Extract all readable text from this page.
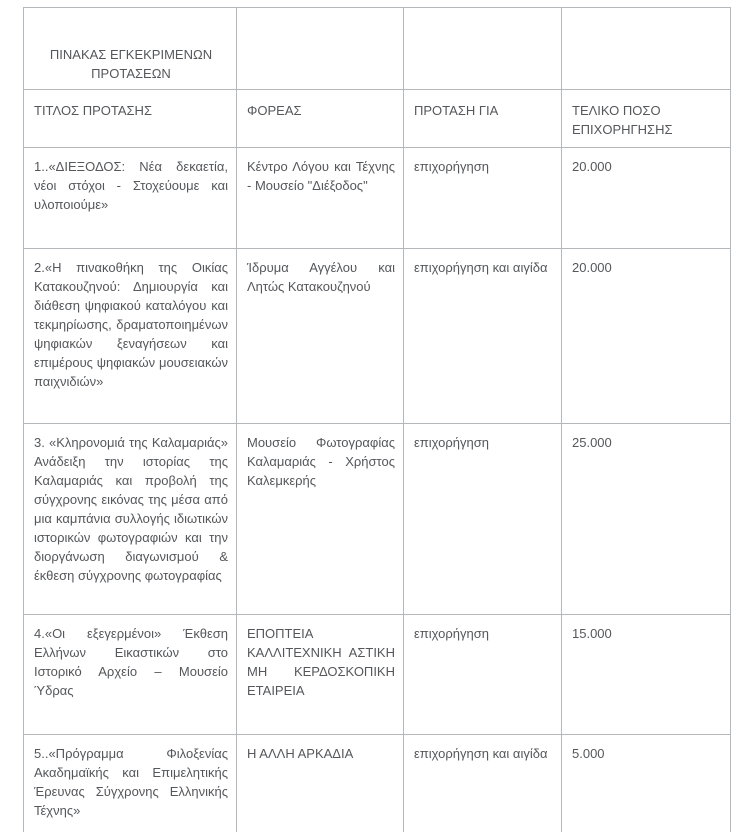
ΠΙΝΑΚΑΣ ΕΓΚΕΚΡΙΜΕΝΩΝ ΠΡΟΤΑΣΕΩΝ			
ΤΙΤΛΟΣ ΠΡΟΤΑΣΗΣ	ΦΟΡΕΑΣ	ΠΡΟΤΑΣΗ ΓΙΑ	ΤΕΛΙΚΟ ΠΟΣΟ ΕΠΙΧΟΡΗΓΗΣΗΣ
1..«ΔΙΕΞΟΔΟΣ: Νέα δεκαετία, νέοι στόχοι - Στοχεύουμε και υλοποιούμε»	Κέντρο Λόγου και Τέχνης - Μουσείο "Διέξοδος"	επιχορήγηση	20.000
2.«Η πινακοθήκη της Οικίας Κατακουζηνού: Δημιουργία και διάθεση ψηφιακού καταλόγου και τεκμηρίωσης, δραματοποιημένων ψηφιακών ξεναγήσεων και επιμέρους ψηφιακών μουσειακών παιχνιδιών»	Ίδρυμα Αγγέλου και Λητώς Κατακουζηνού	επιχορήγηση και αιγίδα	20.000
3. «Κληρονομιά της Καλαμαριάς» Ανάδειξη την ιστορίας της Καλαμαριάς και προβολή της σύγχρονης εικόνας της μέσα από μια καμπάνια συλλογής ιδιωτικών ιστορικών φωτογραφιών και την διοργάνωση διαγωνισμού & έκθεση σύγχρονης φωτογραφίας	Μουσείο Φωτογραφίας Καλαμαριάς - Χρήστος Καλεμκερής	επιχορήγηση	25.000
4.«Οι εξεγερμένοι» Έκθεση Ελλήνων Εικαστικών στο Ιστορικό Αρχείο – Μουσείο Ύδρας	ΕΠΟΠΤΕΙΑ ΚΑΛΛΙΤΕΧΝΙΚΗ ΑΣΤΙΚΗ ΜΗ ΚΕΡΔΟΣΚΟΠΙΚΗ ΕΤΑΙΡΕΙΑ	επιχορήγηση	15.000
5..«Πρόγραμμα Φιλοξενίας Ακαδημαϊκής και Επιμελητικής Έρευνας Σύγχρονης Ελληνικής Τέχνης»	Η ΑΛΛΗ ΑΡΚΑΔΙΑ	επιχορήγηση και αιγίδα	5.000
